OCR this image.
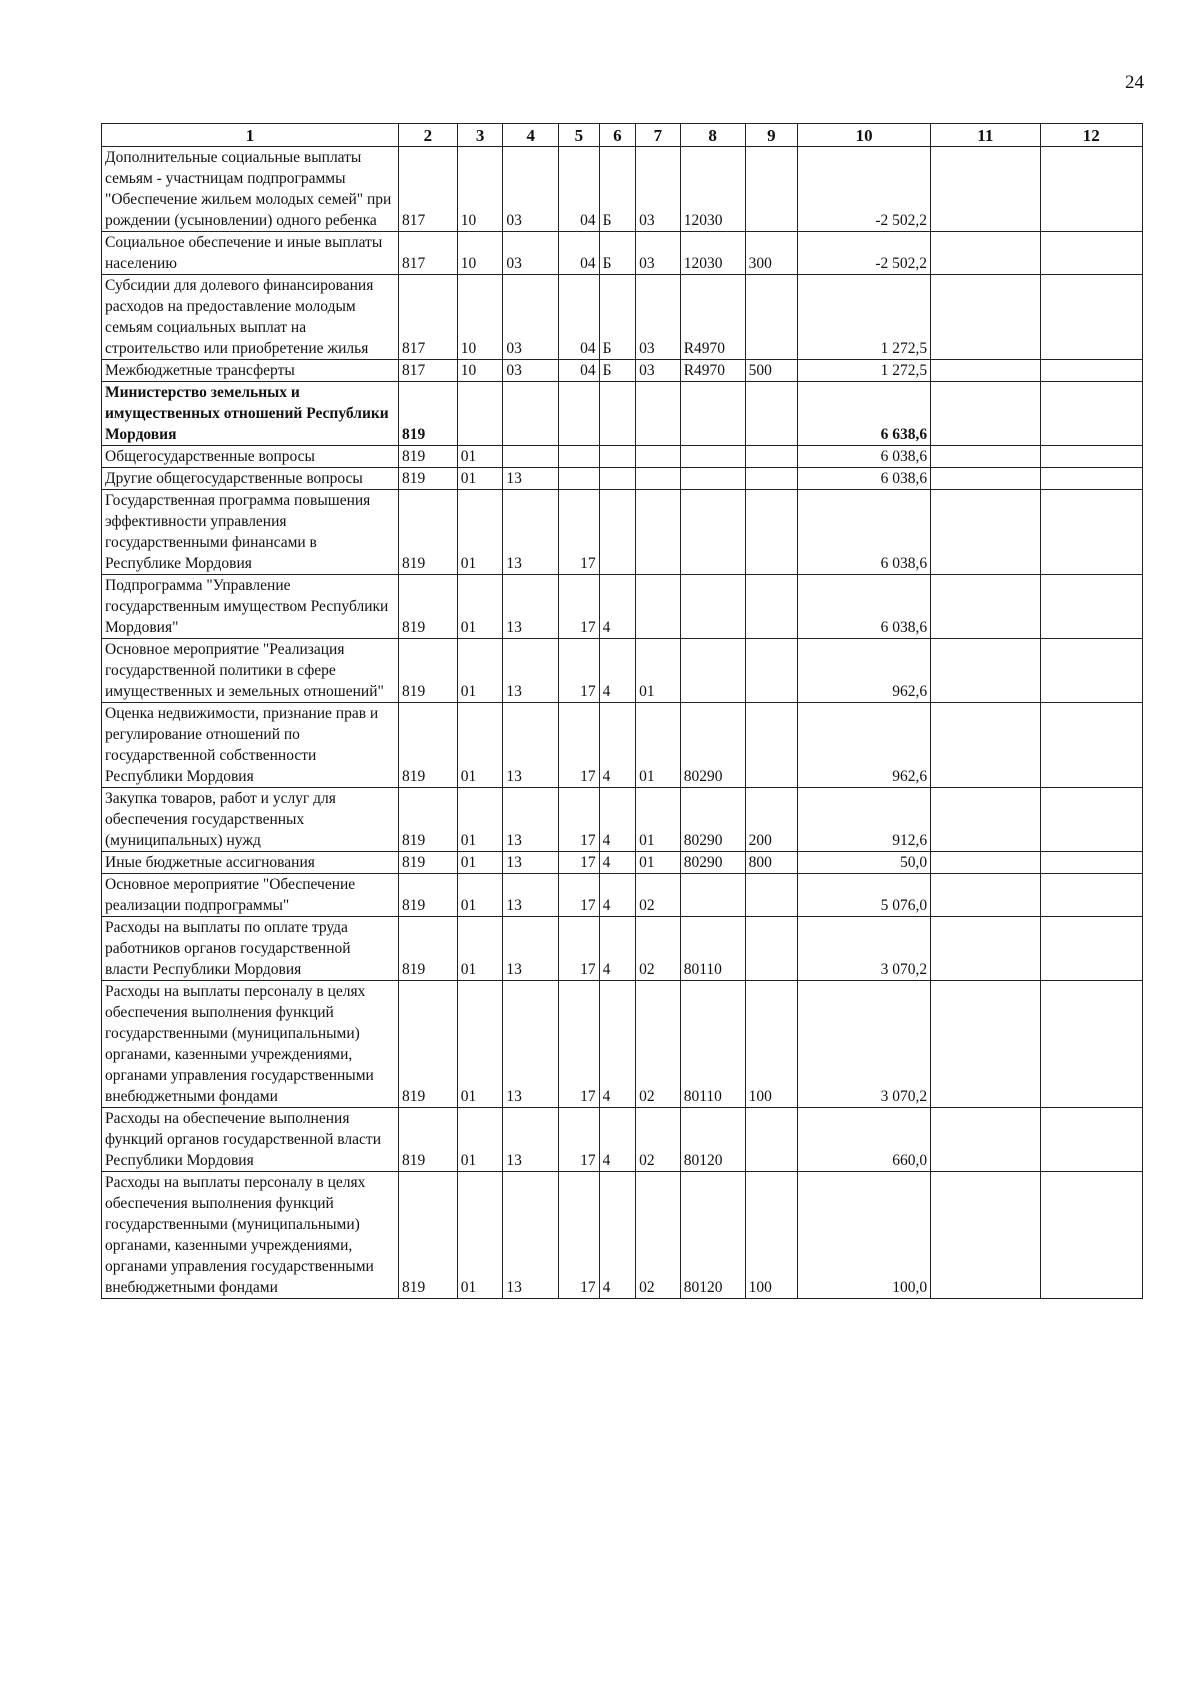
24
1	2	3	4	5	6	7	8	9	10	11	12
Дополнительные социальные выплаты семьям - участницам подпрограммы "Обеспечение жильем молодых семей" при рождении (усыновлении) одного ребенка	817	10	03	04	Б	03	12030		-2 502,2		
Социальное обеспечение и иные выплаты населению	817	10	03	04	Б	03	12030	300	-2 502,2		
Субсидии для долевого финансирования расходов на предоставление молодым семьям социальных выплат на строительство или приобретение жилья	817	10	03	04	Б	03	R4970		1 272,5		
Межбюджетные трансферты	817	10	03	04	Б	03	R4970	500	1 272,5		
Министерство земельных и имущественных отношений Республики Мордовия	819								6 638,6		
Общегосударственные вопросы	819	01							6 038,6		
Другие общегосударственные вопросы	819	01	13						6 038,6		
Государственная программа повышения эффективности управления государственными финансами в Республике Мордовия	819	01	13	17					6 038,6		
Подпрограмма "Управление государственным имуществом Республики Мордовия"	819	01	13	17	4				6 038,6		
Основное мероприятие "Реализация государственной политики в сфере имущественных и земельных отношений"	819	01	13	17	4	01			962,6		
Оценка недвижимости, признание прав и регулирование отношений по государственной собственности Республики Мордовия	819	01	13	17	4	01	80290		962,6		
Закупка товаров, работ и услуг для обеспечения государственных (муниципальных) нужд	819	01	13	17	4	01	80290	200	912,6		
Иные бюджетные ассигнования	819	01	13	17	4	01	80290	800	50,0		
Основное мероприятие "Обеспечение реализации подпрограммы"	819	01	13	17	4	02			5 076,0		
Расходы на выплаты по оплате труда работников органов государственной власти Республики Мордовия	819	01	13	17	4	02	80110		3 070,2		
Расходы на выплаты персоналу в целях обеспечения выполнения функций государственными (муниципальными) органами, казенными учреждениями, органами управления государственными внебюджетными фондами	819	01	13	17	4	02	80110	100	3 070,2		
Расходы на обеспечение выполнения функций органов государственной власти Республики Мордовия	819	01	13	17	4	02	80120		660,0		
Расходы на выплаты персоналу в целях обеспечения выполнения функций государственными (муниципальными) органами, казенными учреждениями, органами управления государственными внебюджетными фондами	819	01	13	17	4	02	80120	100	100,0		
